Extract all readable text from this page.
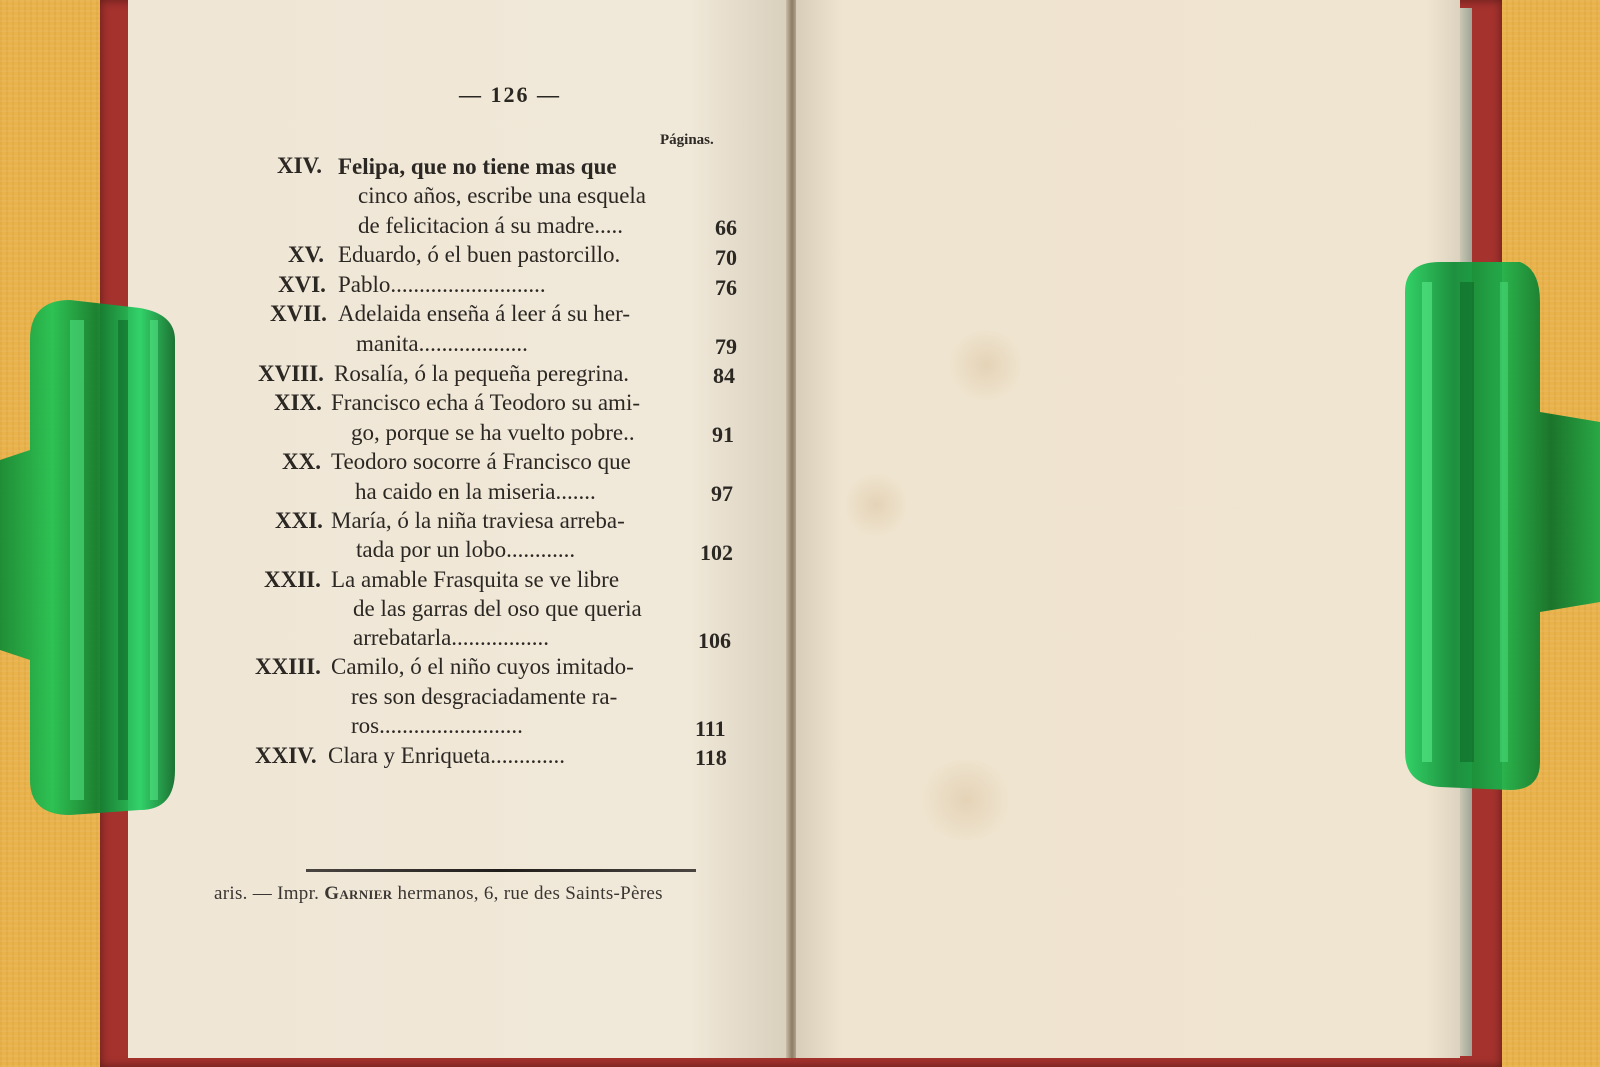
— 126 —
Páginas.
XIV. Felipa, que no tiene mas que
cinco años, escribe una esquela
de felicitacion á su madre.....	66
XV. Eduardo, ó el buen pastorcillo.	70
XVI. Pablo...........................	76
XVII. Adelaida enseña á leer á su her-
manita...................	79
XVIII. Rosalía, ó la pequeña peregrina.	84
XIX. Francisco echa á Teodoro su ami-
go, porque se ha vuelto pobre..	91
XX. Teodoro socorre á Francisco que
ha caido en la miseria.......	97
XXI. María, ó la niña traviesa arreba-
tada por un lobo............	102
XXII. La amable Frasquita se ve libre
de las garras del oso que queria
arrebatarla.................	106
XXIII. Camilo, ó el niño cuyos imitado-
res son desgraciadamente ra-
ros.........................	111
XXIV. Clara y Enriqueta.............	118
aris. — Impr. Garnier hermanos, 6, rue des Saints-Pères
